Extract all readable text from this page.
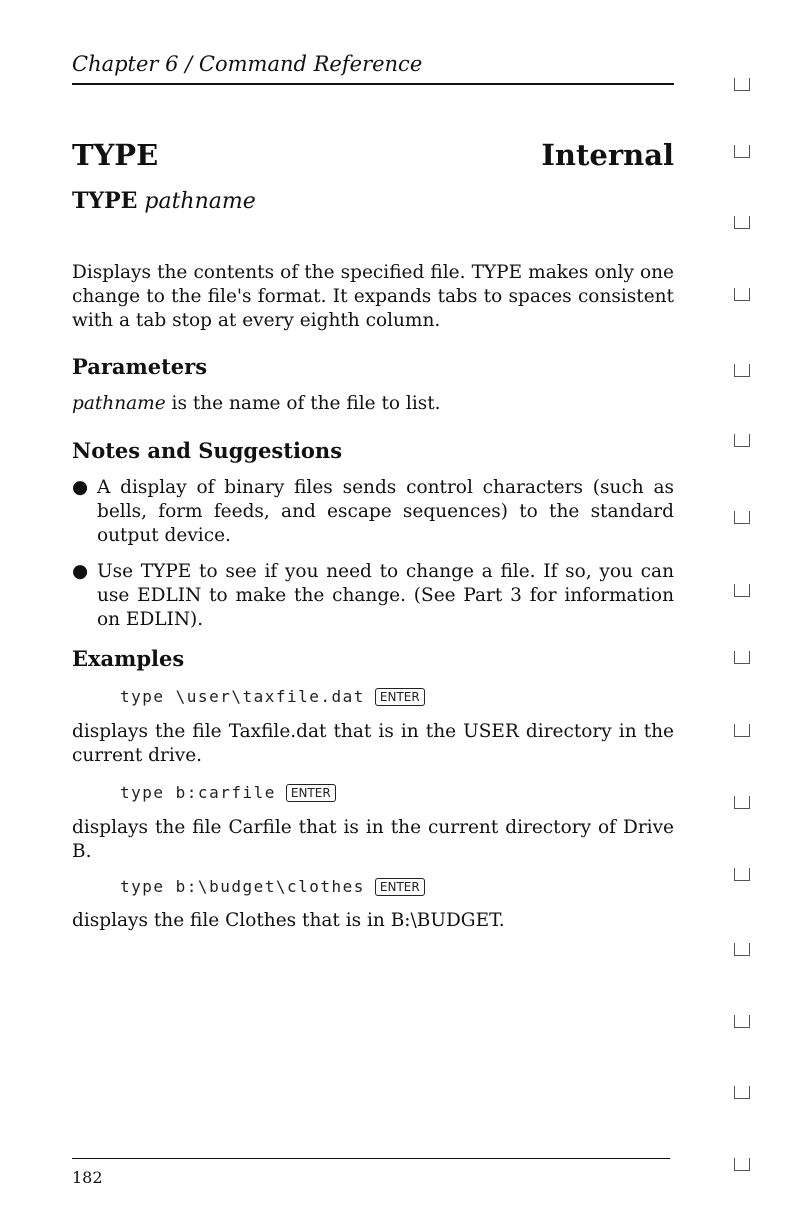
Chapter 6 / Command Reference
TYPE	Internal
TYPE pathname

Displays the contents of the specified file. TYPE makes only one change to the file's format. It expands tabs to spaces consistent with a tab stop at every eighth column.

Parameters

pathname is the name of the file to list.

Notes and Suggestions
● A display of binary files sends control characters (such as bells, form feeds, and escape sequences) to the standard output device.
● Use TYPE to see if you need to change a file. If so, you can use EDLIN to make the change. (See Part 3 for information on EDLIN).
Examples
type \user\taxfile.dat ENTER

displays the file Taxfile.dat that is in the USER directory in the current drive.

type b:carfile ENTER

displays the file Carfile that is in the current directory of Drive B.

type b:\budget\clothes ENTER

displays the file Clothes that is in B:\BUDGET.

182
